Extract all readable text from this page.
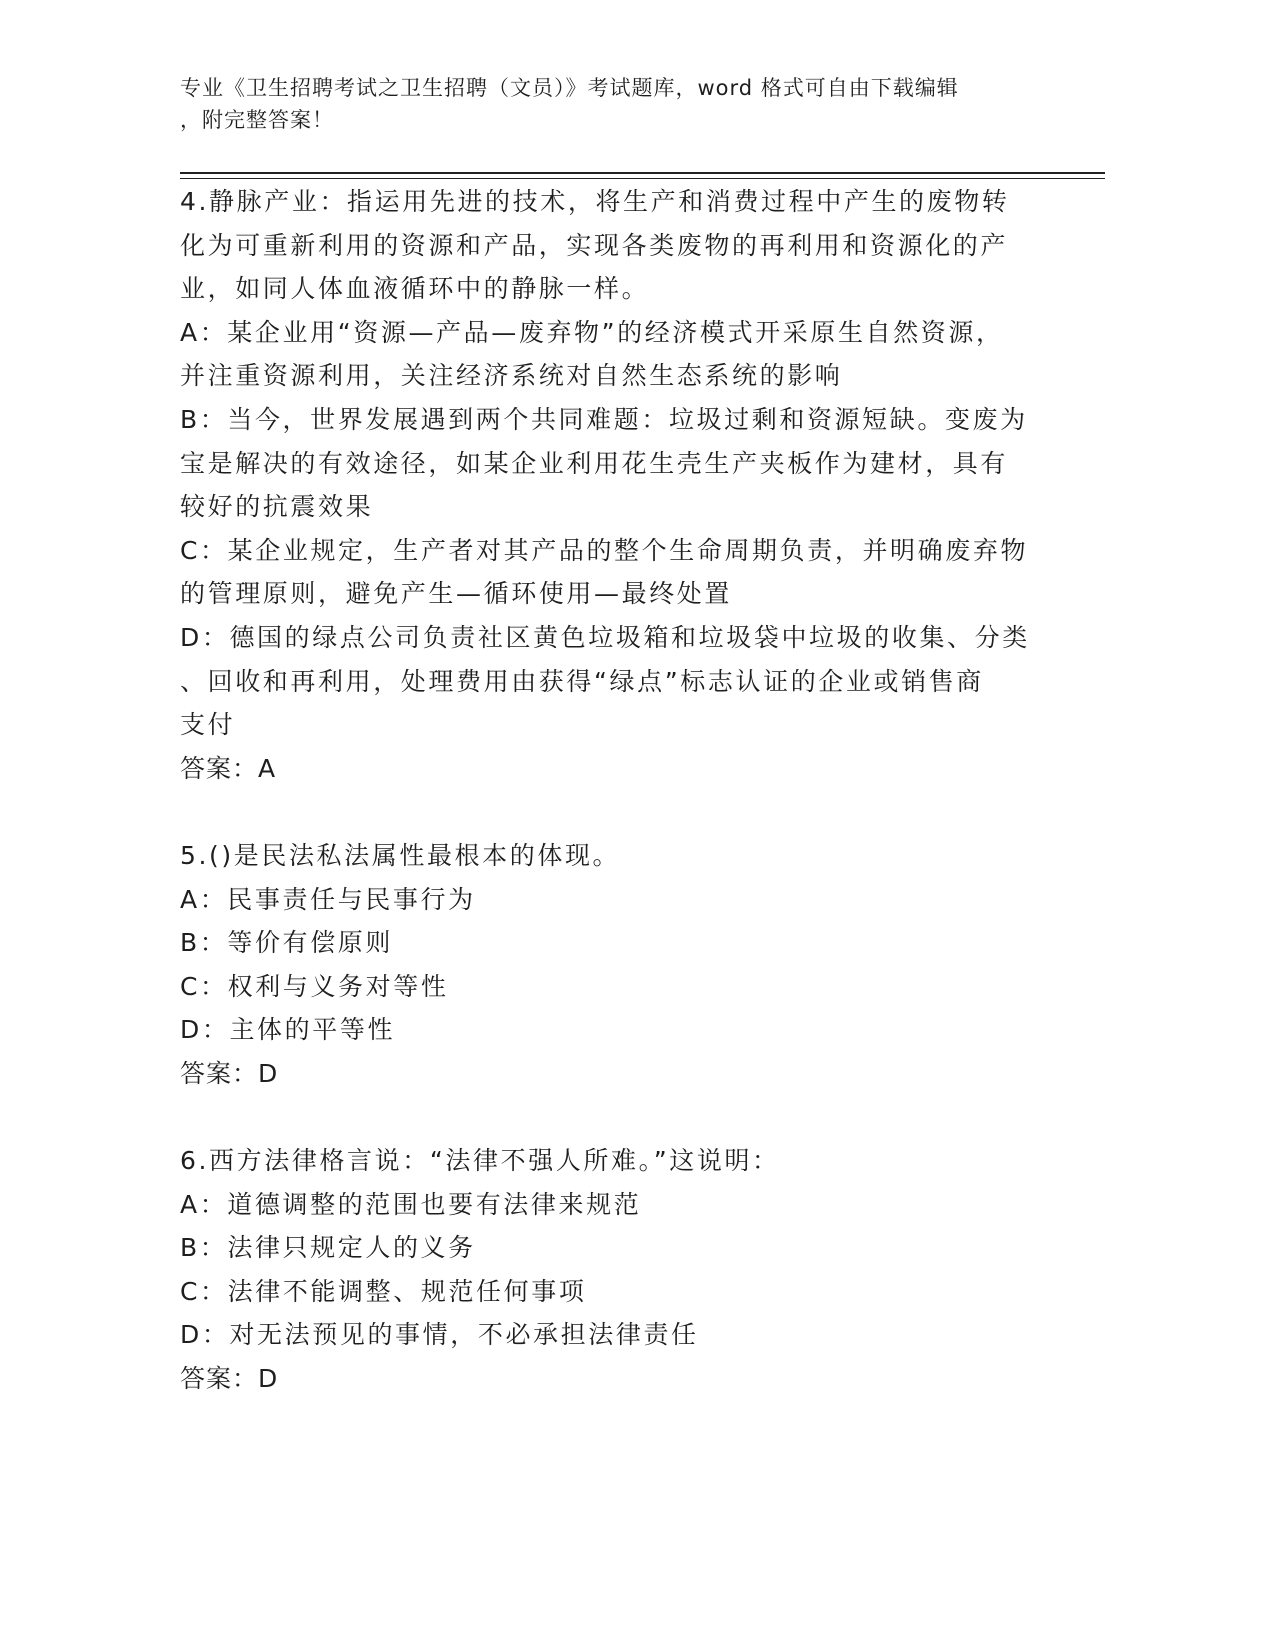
专业《卫生招聘考试之卫生招聘（文员）》考试题库，word 格式可自由下载编辑
，附完整答案！

4.静脉产业：指运用先进的技术，将生产和消费过程中产生的废物转

化为可重新利用的资源和产品，实现各类废物的再利用和资源化的产

业，如同人体血液循环中的静脉一样。

A：某企业用“资源—产品—废弃物”的经济模式开采原生自然资源，

并注重资源利用，关注经济系统对自然生态系统的影响

B：当今，世界发展遇到两个共同难题：垃圾过剩和资源短缺。变废为

宝是解决的有效途径，如某企业利用花生壳生产夹板作为建材，具有

较好的抗震效果

C：某企业规定，生产者对其产品的整个生命周期负责，并明确废弃物

的管理原则，避免产生—循环使用—最终处置

D：德国的绿点公司负责社区黄色垃圾箱和垃圾袋中垃圾的收集、分类

、回收和再利用，处理费用由获得“绿点”标志认证的企业或销售商

支付

答案：A

5.()是民法私法属性最根本的体现。

A：民事责任与民事行为

B：等价有偿原则

C：权利与义务对等性

D：主体的平等性

答案：D

6.西方法律格言说：“法律不强人所难。”这说明：

A：道德调整的范围也要有法律来规范

B：法律只规定人的义务

C：法律不能调整、规范任何事项

D：对无法预见的事情，不必承担法律责任

答案：D
